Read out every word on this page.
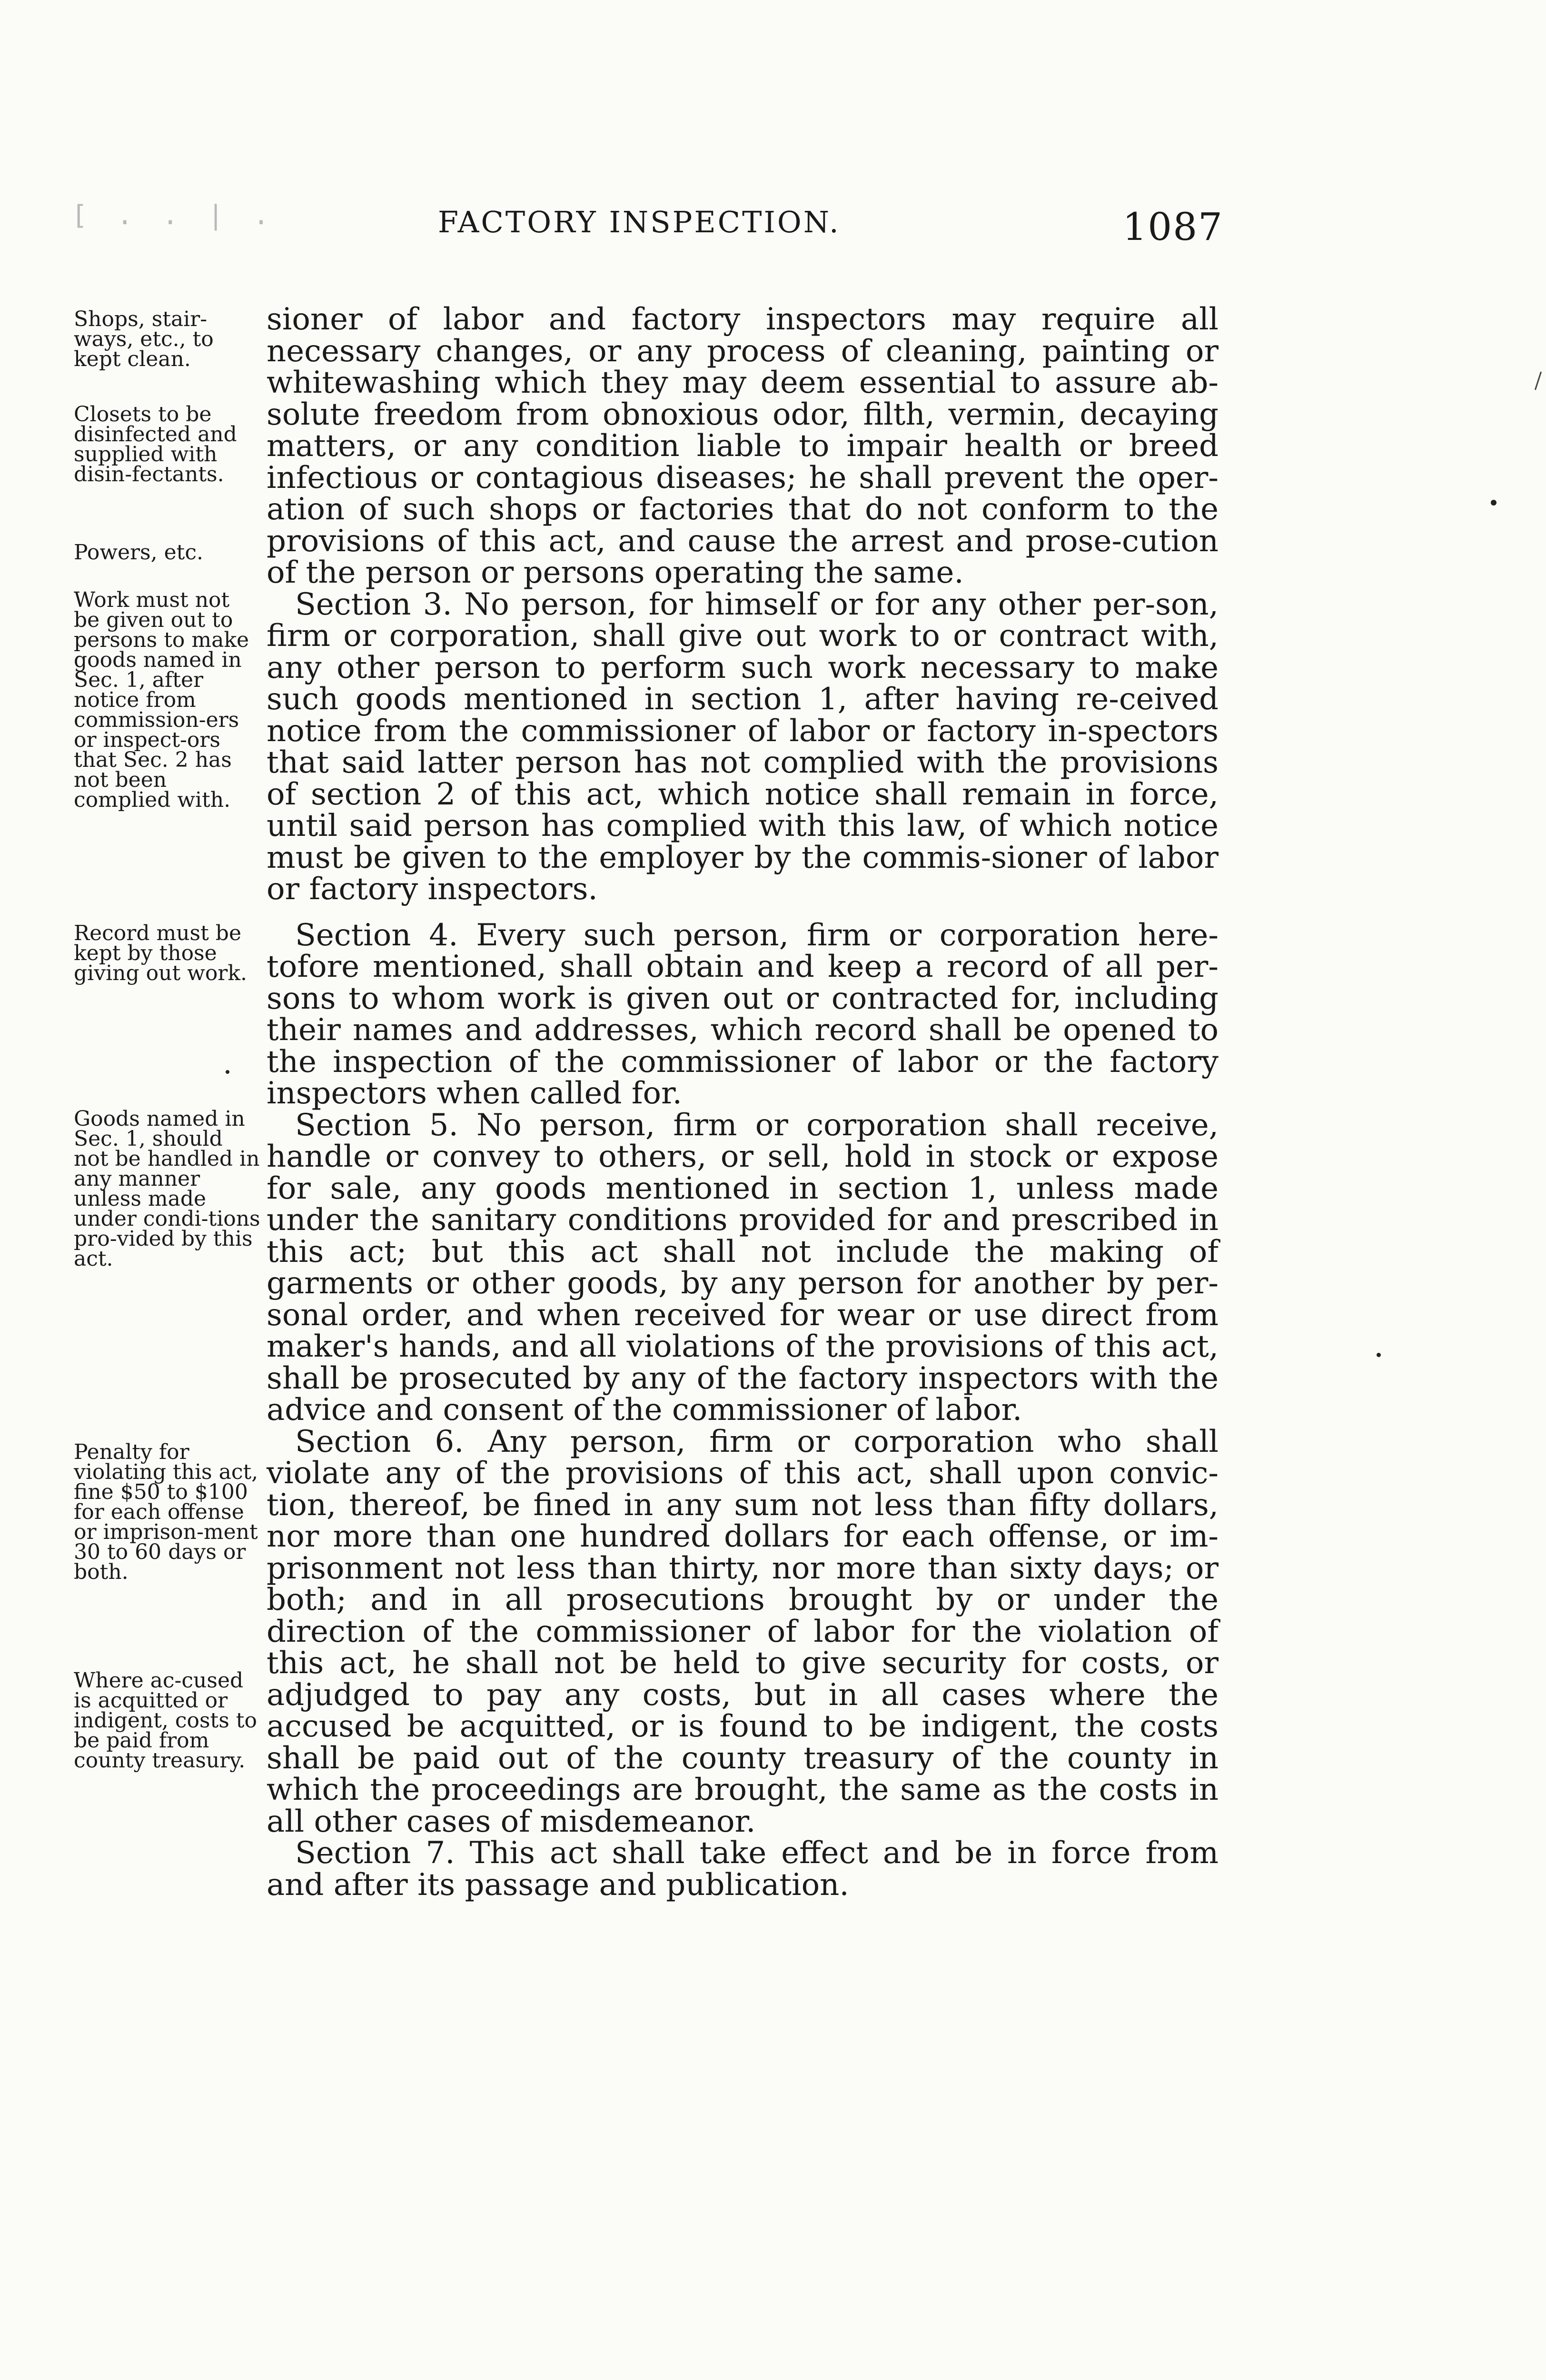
[ . . | .	FACTORY INSPECTION.	1087
Shops, stair-ways, etc., to kept clean.
Closets to be disinfected and supplied with disin-fectants.
Powers, etc.
Work must not be given out to persons to make goods named in Sec. 1, after notice from commission-ers or inspect-ors that Sec. 2 has not been complied with.
Record must be kept by those giving out work.
Goods named in Sec. 1, should not be handled in any manner unless made under condi-tions pro-vided by this act.
Penalty for violating this act, fine $50 to $100 for each offense or imprison-ment 30 to 60 days or both.
Where ac-cused is acquitted or indigent, costs to be paid from county treasury.

sioner of labor and factory inspectors may require all necessary changes, or any process of cleaning, painting or whitewashing which they may deem essential to assure ab-solute freedom from obnoxious odor, filth, vermin, decaying matters, or any condition liable to impair health or breed infectious or contagious diseases; he shall prevent the oper-ation of such shops or factories that do not conform to the provisions of this act, and cause the arrest and prose-cution of the person or persons operating the same.

Section 3. No person, for himself or for any other per-son, firm or corporation, shall give out work to or contract with, any other person to perform such work necessary to make such goods mentioned in section 1, after having re-ceived notice from the commissioner of labor or factory in-spectors that said latter person has not complied with the provisions of section 2 of this act, which notice shall remain in force, until said person has complied with this law, of which notice must be given to the employer by the commis-sioner of labor or factory inspectors.

Section 4. Every such person, firm or corporation here-tofore mentioned, shall obtain and keep a record of all per-sons to whom work is given out or contracted for, including their names and addresses, which record shall be opened to the inspection of the commissioner of labor or the factory inspectors when called for.

Section 5. No person, firm or corporation shall receive, handle or convey to others, or sell, hold in stock or expose for sale, any goods mentioned in section 1, unless made under the sanitary conditions provided for and prescribed in this act; but this act shall not include the making of garments or other goods, by any person for another by per-sonal order, and when received for wear or use direct from maker's hands, and all violations of the provisions of this act, shall be prosecuted by any of the factory inspectors with the advice and consent of the commissioner of labor.

Section 6. Any person, firm or corporation who shall violate any of the provisions of this act, shall upon convic-tion, thereof, be fined in any sum not less than fifty dollars, nor more than one hundred dollars for each offense, or im-prisonment not less than thirty, nor more than sixty days; or both; and in all prosecutions brought by or under the direction of the commissioner of labor for the violation of this act, he shall not be held to give security for costs, or adjudged to pay any costs, but in all cases where the accused be acquitted, or is found to be indigent, the costs shall be paid out of the county treasury of the county in which the proceedings are brought, the same as the costs in all other cases of misdemeanor.

Section 7. This act shall take effect and be in force from and after its passage and publication.
